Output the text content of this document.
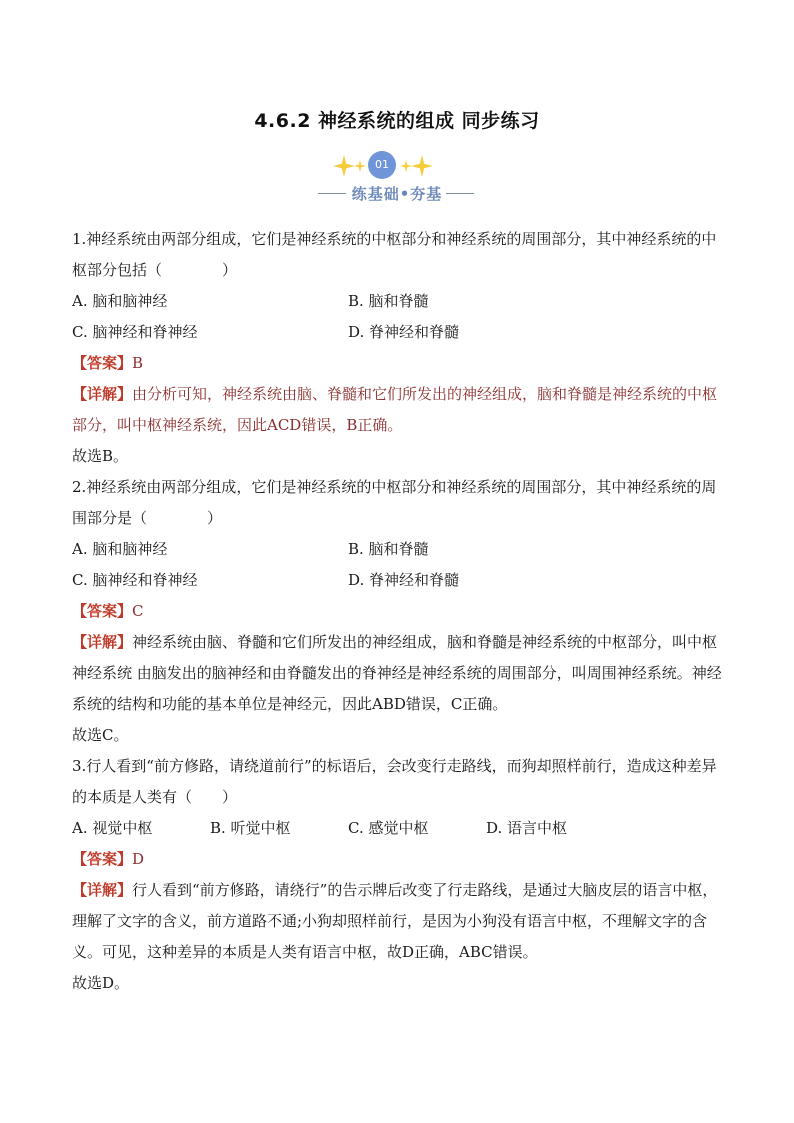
4.6.2 神经系统的组成 同步练习
01
练基础•夯基

1.神经系统由两部分组成，它们是神经系统的中枢部分和神经系统的周围部分，其中神经系统的中枢部分包括（　　　　）

A. 脑和脑神经	B. 脑和脊髓
C. 脑神经和脊神经	D. 脊神经和脊髓

【答案】B

【详解】由分析可知，神经系统由脑、脊髓和它们所发出的神经组成，脑和脊髓是神经系统的中枢部分，叫中枢神经系统，因此ACD错误，B正确。

故选B。

2.神经系统由两部分组成，它们是神经系统的中枢部分和神经系统的周围部分，其中神经系统的周围部分是（　　　　）

A. 脑和脑神经	B. 脑和脊髓
C. 脑神经和脊神经	D. 脊神经和脊髓

【答案】C

【详解】神经系统由脑、脊髓和它们所发出的神经组成，脑和脊髓是神经系统的中枢部分，叫中枢神经系统 由脑发出的脑神经和由脊髓发出的脊神经是神经系统的周围部分，叫周围神经系统。神经系统的结构和功能的基本单位是神经元，因此ABD错误，C正确。

故选C。

3.行人看到“前方修路，请绕道前行”的标语后，会改变行走路线，而狗却照样前行，造成这种差异的本质是人类有（　　）

A. 视觉中枢	B. 听觉中枢	C. 感觉中枢	D. 语言中枢

【答案】D

【详解】行人看到“前方修路，请绕行”的告示牌后改变了行走路线，是通过大脑皮层的语言中枢，理解了文字的含义，前方道路不通;小狗却照样前行，是因为小狗没有语言中枢，不理解文字的含义。可见，这种差异的本质是人类有语言中枢，故D正确，ABC错误。

故选D。
